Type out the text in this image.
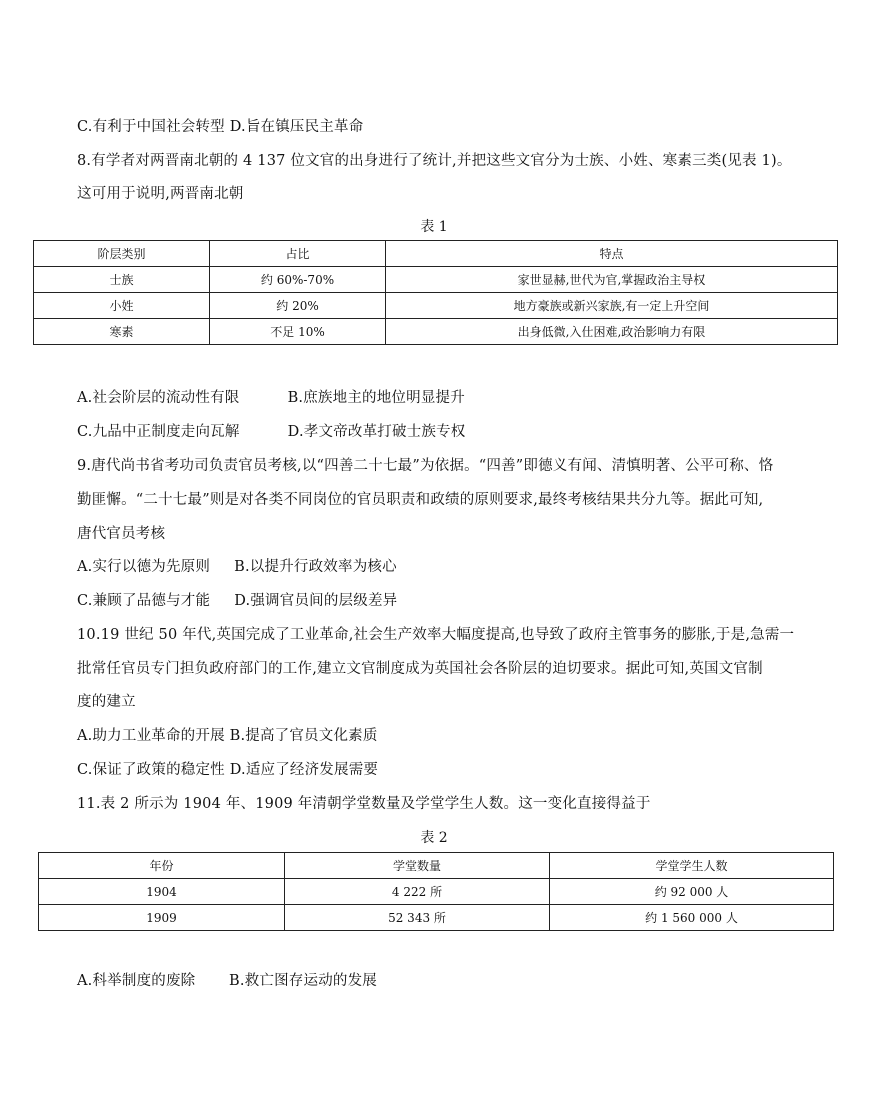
C.有利于中国社会转型 D.旨在镇压民主革命
8.有学者对两晋南北朝的 4 137 位文官的出身进行了统计,并把这些文官分为士族、小姓、寒素三类(见表 1)。
这可用于说明,两晋南北朝
表 1
阶层类别	占比	特点
士族	约 60%-70%	家世显赫,世代为官,掌握政治主导权
小姓	约 20%	地方豪族或新兴家族,有一定上升空间
寒素	不足 10%	出身低微,入仕困难,政治影响力有限
A.社会阶层的流动性有限          B.庶族地主的地位明显提升
C.九品中正制度走向瓦解          D.孝文帝改革打破士族专权
9.唐代尚书省考功司负责官员考核,以“四善二十七最”为依据。“四善”即德义有闻、清慎明著、公平可称、恪
勤匪懈。“二十七最”则是对各类不同岗位的官员职责和政绩的原则要求,最终考核结果共分九等。据此可知,
唐代官员考核
A.实行以德为先原则     B.以提升行政效率为核心
C.兼顾了品德与才能     D.强调官员间的层级差异
10.19 世纪 50 年代,英国完成了工业革命,社会生产效率大幅度提高,也导致了政府主管事务的膨胀,于是,急需一
批常任官员专门担负政府部门的工作,建立文官制度成为英国社会各阶层的迫切要求。据此可知,英国文官制
度的建立
A.助力工业革命的开展 B.提高了官员文化素质
C.保证了政策的稳定性 D.适应了经济发展需要
11.表 2 所示为 1904 年、1909 年清朝学堂数量及学堂学生人数。这一变化直接得益于
表 2
年份	学堂数量	学堂学生人数
1904	4 222 所	约 92 000 人
1909	52 343 所	约 1 560 000 人
A.科举制度的废除       B.救亡图存运动的发展
